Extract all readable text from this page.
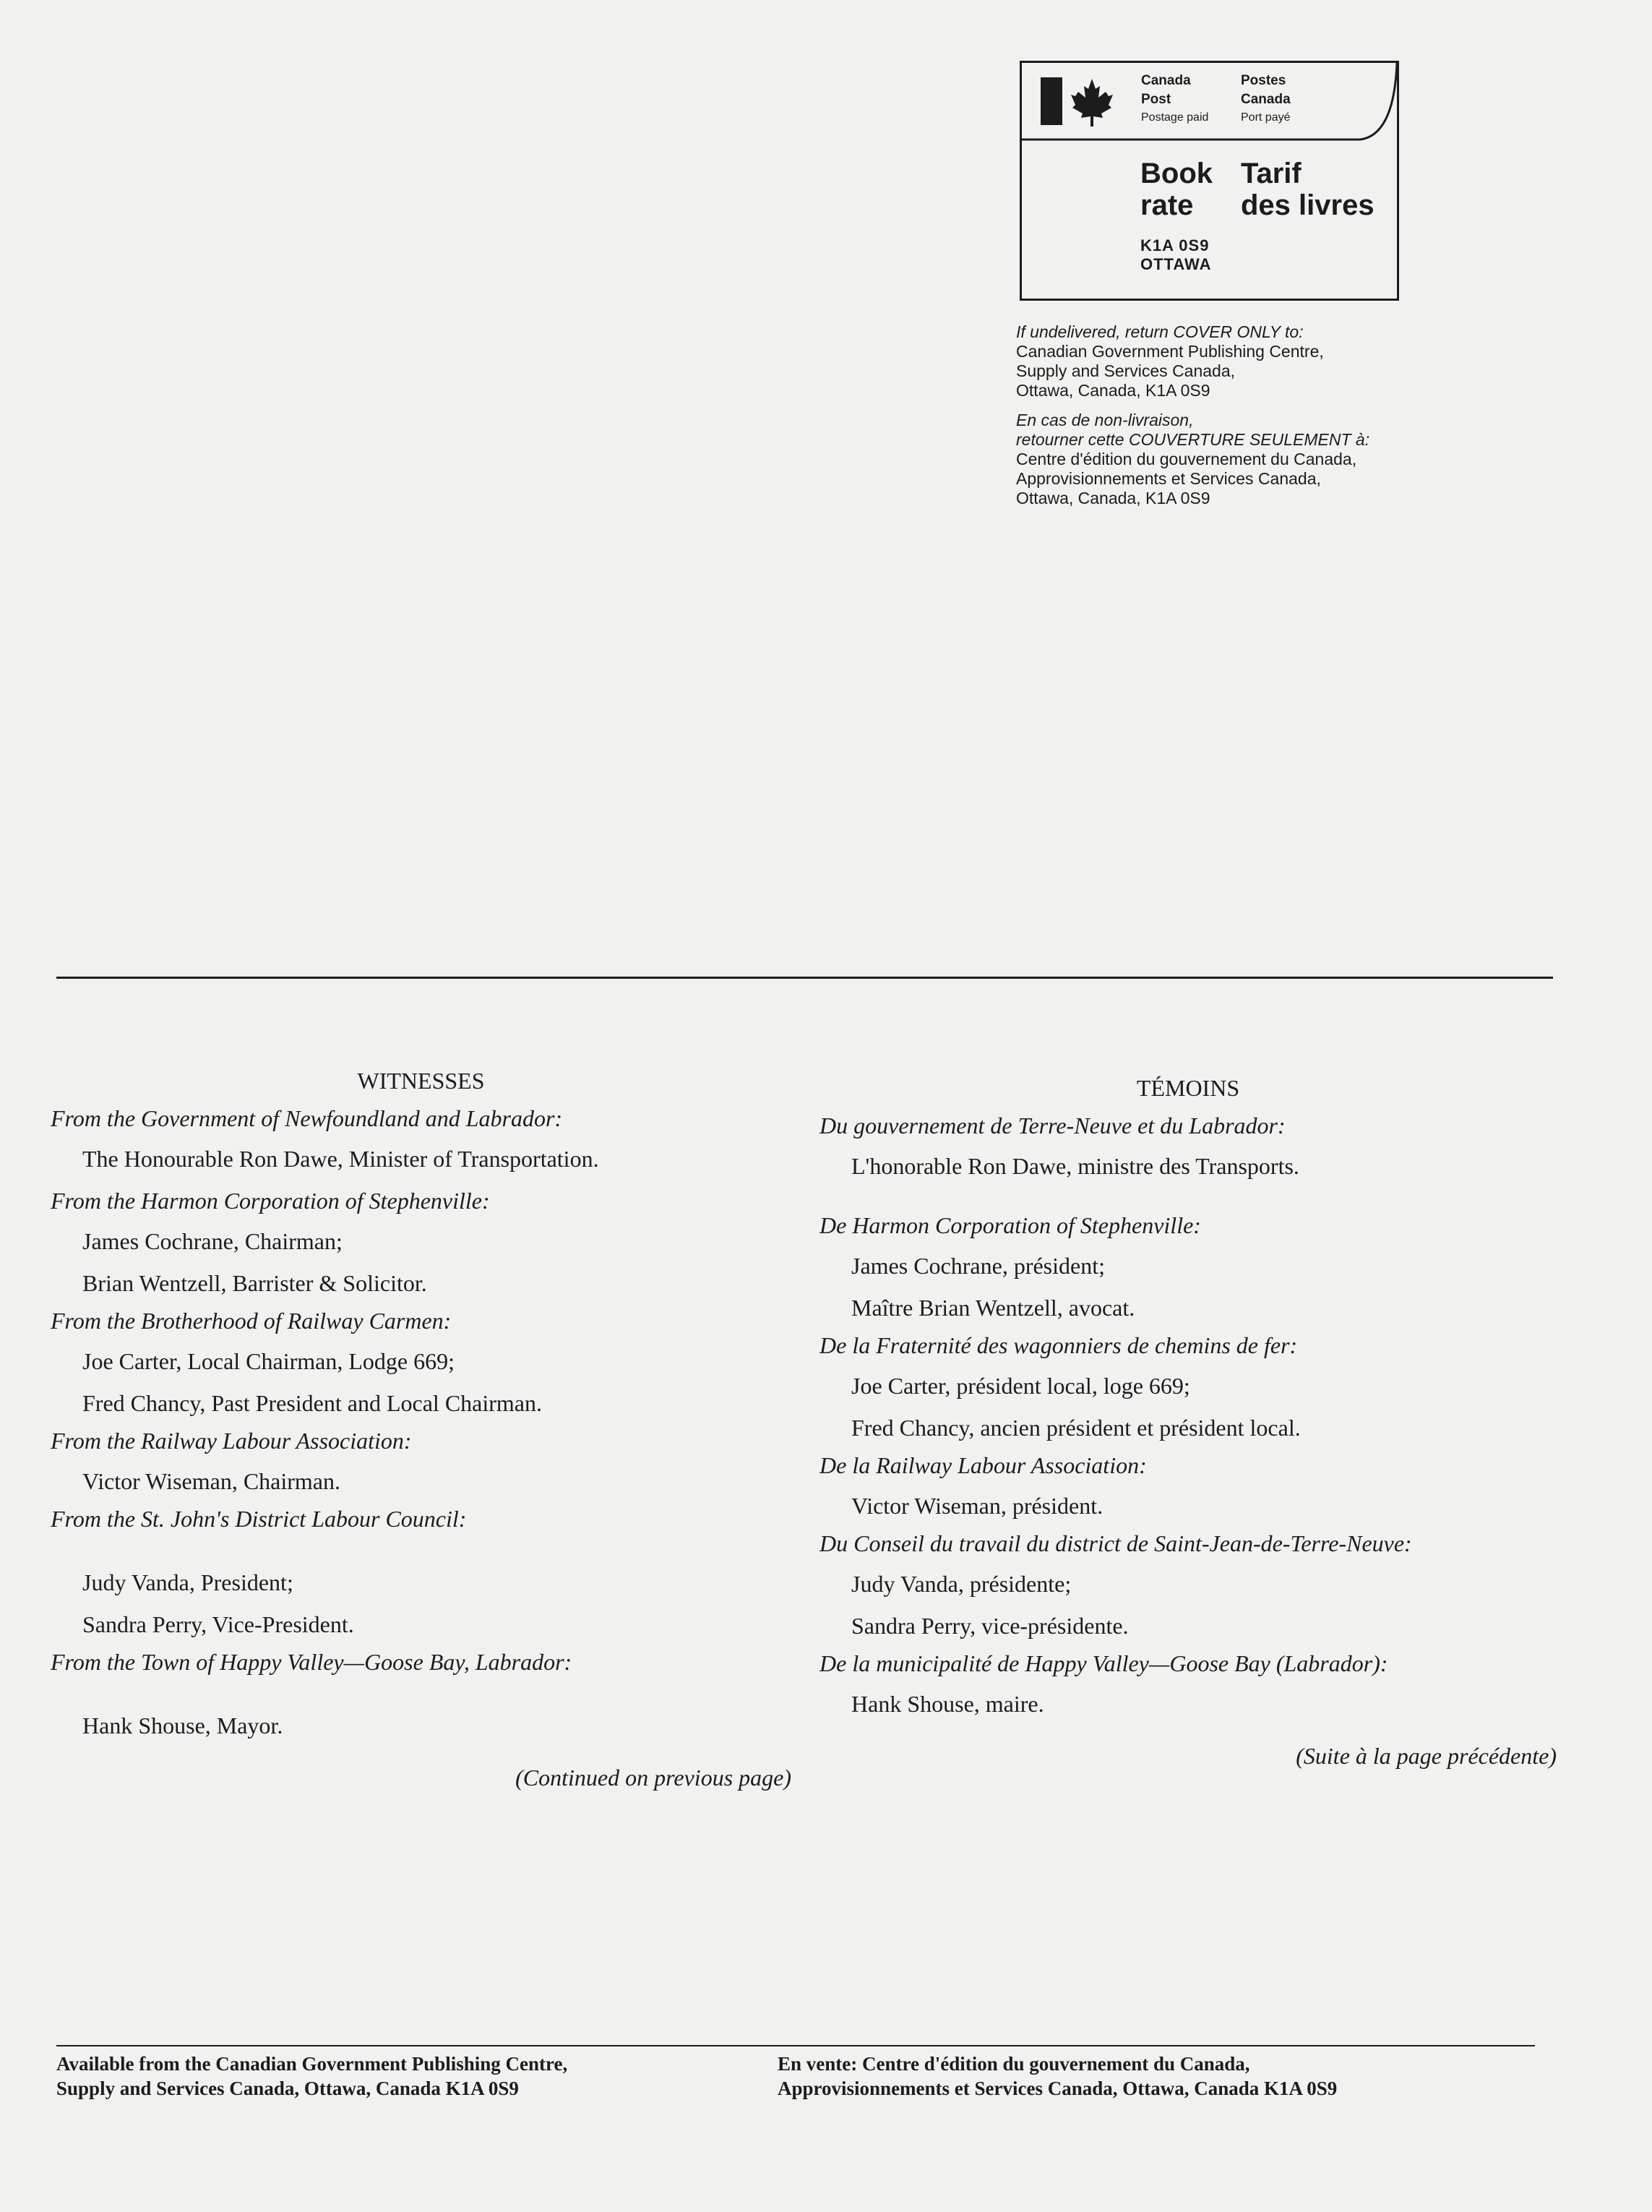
Canada
Post
Postage paid
Postes
Canada
Port payé
Book
rate
Tarif
des livres
K1A 0S9
OTTAWA

If undelivered, return COVER ONLY to:

Canadian Government Publishing Centre,

Supply and Services Canada,

Ottawa, Canada, K1A 0S9

En cas de non-livraison,

retourner cette COUVERTURE SEULEMENT à:

Centre d'édition du gouvernement du Canada,

Approvisionnements et Services Canada,

Ottawa, Canada, K1A 0S9

WITNESSES

From the Government of Newfoundland and Labrador:

The Honourable Ron Dawe, Minister of Transportation.

From the Harmon Corporation of Stephenville:

James Cochrane, Chairman;

Brian Wentzell, Barrister & Solicitor.

From the Brotherhood of Railway Carmen:

Joe Carter, Local Chairman, Lodge 669;

Fred Chancy, Past President and Local Chairman.

From the Railway Labour Association:

Victor Wiseman, Chairman.

From the St. John's District Labour Council:

Judy Vanda, President;

Sandra Perry, Vice-President.

From the Town of Happy Valley—Goose Bay, Labrador:

Hank Shouse, Mayor.

(Continued on previous page)

TÉMOINS

Du gouvernement de Terre-Neuve et du Labrador:

L'honorable Ron Dawe, ministre des Transports.

De Harmon Corporation of Stephenville:

James Cochrane, président;

Maître Brian Wentzell, avocat.

De la Fraternité des wagonniers de chemins de fer:

Joe Carter, président local, loge 669;

Fred Chancy, ancien président et président local.

De la Railway Labour Association:

Victor Wiseman, président.

Du Conseil du travail du district de Saint-Jean-de-Terre-Neuve:

Judy Vanda, présidente;

Sandra Perry, vice-présidente.

De la municipalité de Happy Valley—Goose Bay (Labrador):

Hank Shouse, maire.

(Suite à la page précédente)

Available from the Canadian Government Publishing Centre,
Supply and Services Canada, Ottawa, Canada K1A 0S9
En vente: Centre d'édition du gouvernement du Canada,
Approvisionnements et Services Canada, Ottawa, Canada K1A 0S9
